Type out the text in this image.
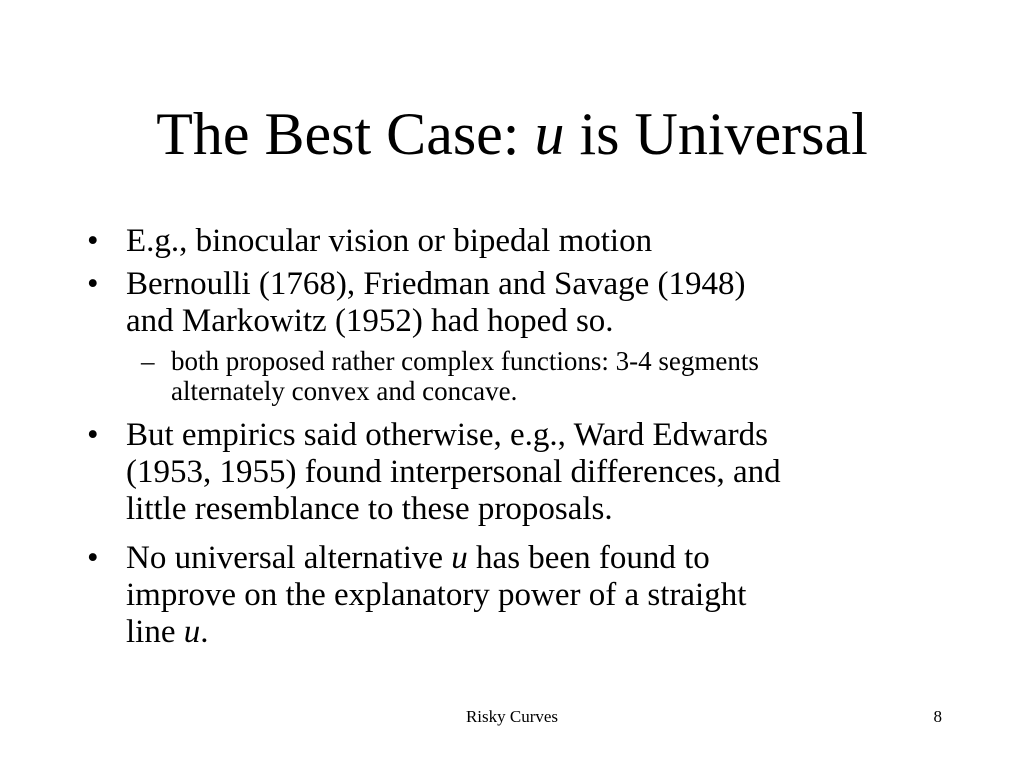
The Best Case: u is Universal
• E.g., binocular vision or bipedal motion
• Bernoulli (1768), Friedman and Savage (1948)
and Markowitz (1952) had hoped so.
– both proposed rather complex functions: 3-4 segments
alternately convex and concave.
• But empirics said otherwise, e.g., Ward Edwards
(1953, 1955) found interpersonal differences, and
little resemblance to these proposals.
• No universal alternative u has been found to
improve on the explanatory power of a straight
line u.
Risky Curves	8
